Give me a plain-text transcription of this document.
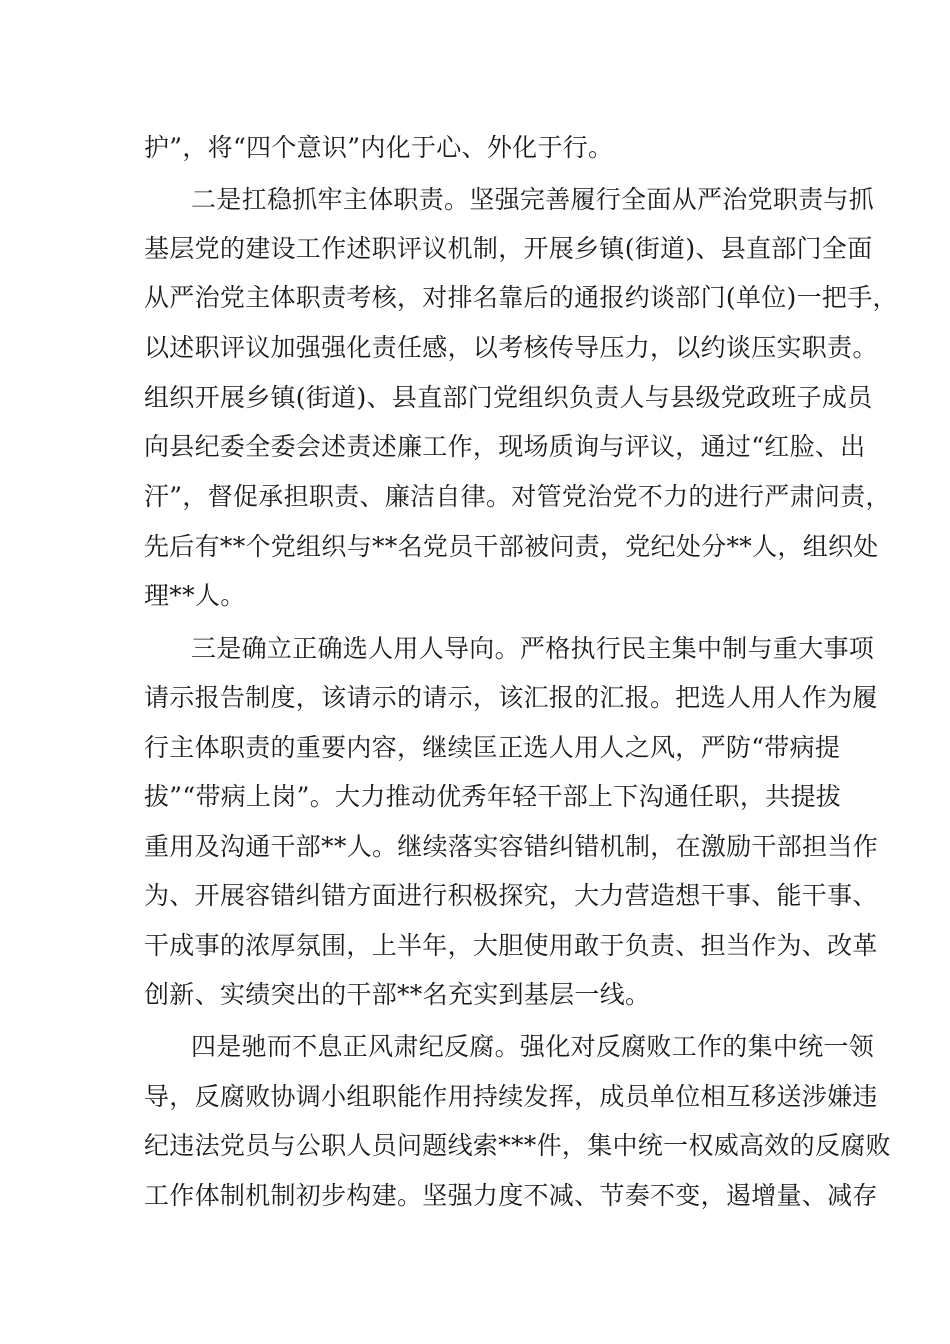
护”，将“四个意识”内化于心、外化于行。
二是扛稳抓牢主体职责。坚强完善履行全面从严治党职责与抓
基层党的建设工作述职评议机制，开展乡镇(街道)、县直部门全面
从严治党主体职责考核，对排名靠后的通报约谈部门(单位)一把手，
以述职评议加强强化责任感，以考核传导压力，以约谈压实职责。
组织开展乡镇(街道)、县直部门党组织负责人与县级党政班子成员
向县纪委全委会述责述廉工作，现场质询与评议，通过“红脸、出
汗”，督促承担职责、廉洁自律。对管党治党不力的进行严肃问责，
先后有**个党组织与**名党员干部被问责，党纪处分**人，组织处
理**人。
三是确立正确选人用人导向。严格执行民主集中制与重大事项
请示报告制度，该请示的请示，该汇报的汇报。把选人用人作为履
行主体职责的重要内容，继续匡正选人用人之风，严防“带病提
拔”“带病上岗”。大力推动优秀年轻干部上下沟通任职，共提拔
重用及沟通干部**人。继续落实容错纠错机制，在激励干部担当作
为、开展容错纠错方面进行积极探究，大力营造想干事、能干事、
干成事的浓厚氛围，上半年，大胆使用敢于负责、担当作为、改革
创新、实绩突出的干部**名充实到基层一线。
四是驰而不息正风肃纪反腐。强化对反腐败工作的集中统一领
导，反腐败协调小组职能作用持续发挥，成员单位相互移送涉嫌违
纪违法党员与公职人员问题线索***件，集中统一权威高效的反腐败
工作体制机制初步构建。坚强力度不减、节奏不变，遏增量、减存
